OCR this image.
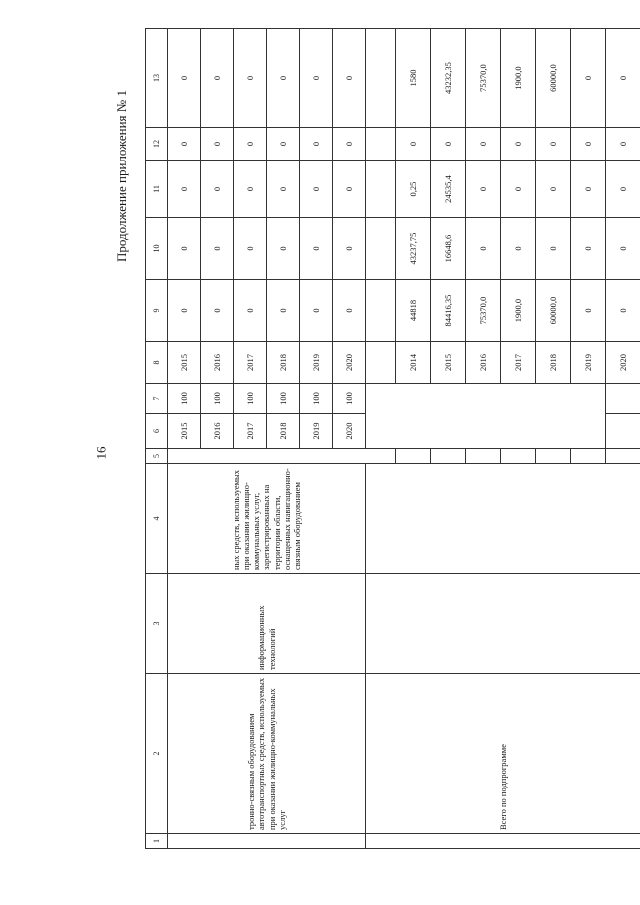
16
Продолжение приложения № 1
1	2	3	4	5	6	7	8	9	10	11	12	13
	тронно-связным оборудованием автотранспортных средств, используемых при оказании жилищно-коммунальных услуг	информационных технологий	ных средств, используемых при оказании жилищно-коммунальных услуг, зарегистрированных на территории области, оснащенных навигационно-связным оборудованием		2015	100	2015	0	0	0	0	0
					2016	100	2016	0	0	0	0	0
					2017	100	2017	0	0	0	0	0
					2018	100	2018	0	0	0	0	0
					2019	100	2019	0	0	0	0	0
					2020	100	2020	0	0	0	0	0
	Всего по подпрограмме											
							2014	44818	43237,75	0,25	0	1580
							2015	84416,35	16648,6	24535,4	0	43232,35
							2016	75370,0	0	0	0	75370,0
							2017	1900,0	0	0	0	1900,0
							2018	60000,0	0	0	0	60000,0
							2019	0	0	0	0	0
							2020	0	0	0	0	0
